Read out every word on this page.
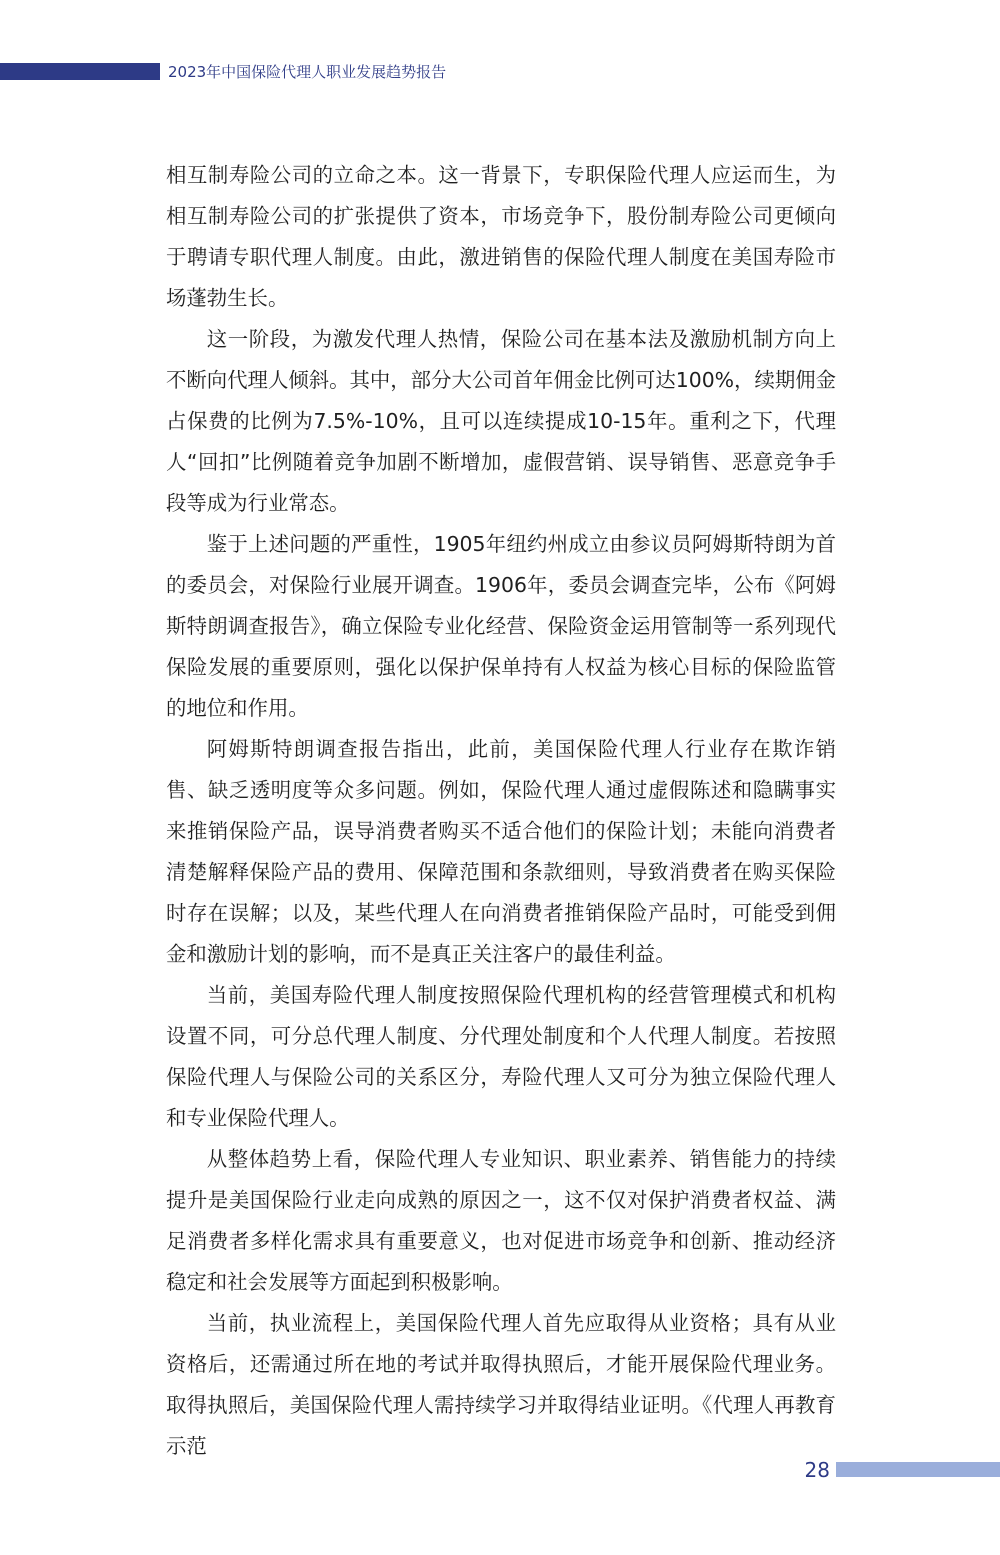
2023年中国保险代理人职业发展趋势报告

相互制寿险公司的立命之本。这一背景下，专职保险代理人应运而生，为相互制寿险公司的扩张提供了资本，市场竞争下，股份制寿险公司更倾向于聘请专职代理人制度。由此，激进销售的保险代理人制度在美国寿险市场蓬勃生长。

这一阶段，为激发代理人热情，保险公司在基本法及激励机制方向上不断向代理人倾斜。其中，部分大公司首年佣金比例可达100%，续期佣金占保费的比例为7.5%-10%，且可以连续提成10-15年。重利之下，代理人“回扣”比例随着竞争加剧不断增加，虚假营销、误导销售、恶意竞争手段等成为行业常态。

鉴于上述问题的严重性，1905年纽约州成立由参议员阿姆斯特朗为首的委员会，对保险行业展开调查。1906年，委员会调查完毕，公布《阿姆斯特朗调查报告》，确立保险专业化经营、保险资金运用管制等一系列现代保险发展的重要原则，强化以保护保单持有人权益为核心目标的保险监管的地位和作用。

阿姆斯特朗调查报告指出，此前，美国保险代理人行业存在欺诈销售、缺乏透明度等众多问题。例如，保险代理人通过虚假陈述和隐瞒事实来推销保险产品，误导消费者购买不适合他们的保险计划；未能向消费者清楚解释保险产品的费用、保障范围和条款细则，导致消费者在购买保险时存在误解；以及，某些代理人在向消费者推销保险产品时，可能受到佣金和激励计划的影响，而不是真正关注客户的最佳利益。

当前，美国寿险代理人制度按照保险代理机构的经营管理模式和机构设置不同，可分总代理人制度、分代理处制度和个人代理人制度。若按照保险代理人与保险公司的关系区分，寿险代理人又可分为独立保险代理人和专业保险代理人。

从整体趋势上看，保险代理人专业知识、职业素养、销售能力的持续提升是美国保险行业走向成熟的原因之一，这不仅对保护消费者权益、满足消费者多样化需求具有重要意义，也对促进市场竞争和创新、推动经济稳定和社会发展等方面起到积极影响。

当前，执业流程上，美国保险代理人首先应取得从业资格；具有从业资格后，还需通过所在地的考试并取得执照后，才能开展保险代理业务。取得执照后，美国保险代理人需持续学习并取得结业证明。《代理人再教育示范

28
